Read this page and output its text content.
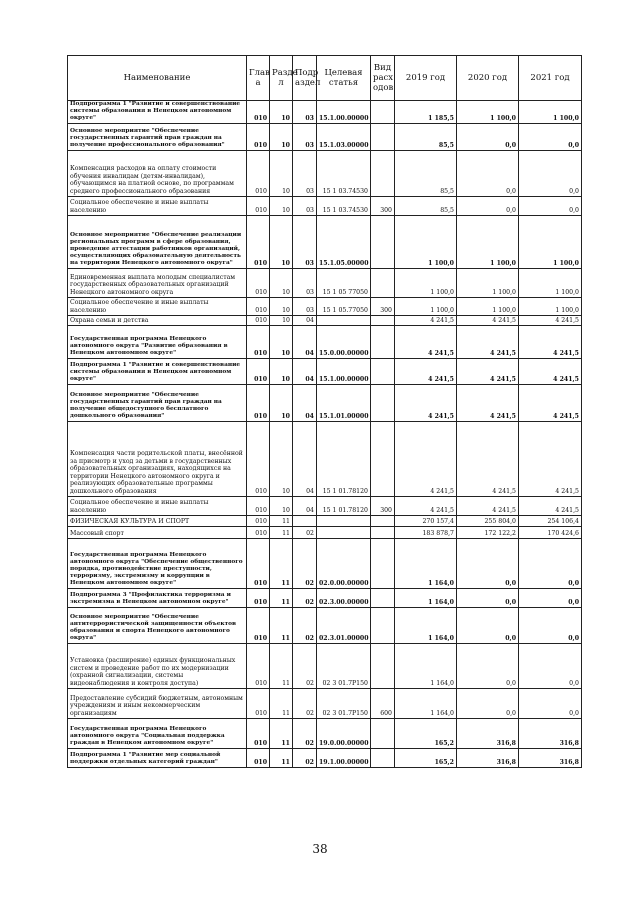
Наименование	Глав а	Разде л	Подр аздел	Целевая статья	Вид расх одов	2019 год	2020 год	2021 год
Подпрограмма 1 "Развитие и совершенствование системы образования в Ненецком автономном округе"	010	10	03	15.1.00.00000		1 185,5	1 100,0	1 100,0
Основное мероприятие "Обеспечение государственных гарантий прав граждан на получение профессионального образования"	010	10	03	15.1.03.00000		85,5	0,0	0,0
Компенсация расходов на оплату стоимости обучения инвалидам (детям-инвалидам), обучающимся на платной основе, по программам среднего профессионального образования	010	10	03	15 1 03.74530		85,5	0,0	0,0
Социальное обеспечение и иные выплаты населению	010	10	03	15 1 03.74530	300	85,5	0,0	0,0
Основное мероприятие "Обеспечение реализации региональных программ в сфере образования, проведение аттестации работников организаций, осуществляющих образовательную деятельность на территории Ненецкого автономного округа"	010	10	03	15.1.05.00000		1 100,0	1 100,0	1 100,0
Единовременная выплата молодым специалистам государственных образовательных организаций Ненецкого автономного округа	010	10	03	15 1 05 77050		1 100,0	1 100,0	1 100,0
Социальное обеспечение и иные выплаты населению	010	10	03	15 1 05.77050	300	1 100,0	1 100,0	1 100,0
Охрана семьи и детства	010	10	04			4 241,5	4 241,5	4 241,5
Государственная программа Ненецкого автономного округа "Развитие образования в Ненецком автономном округе"	010	10	04	15.0.00.00000		4 241,5	4 241,5	4 241,5
Подпрограмма 1 "Развитие и совершенствование системы образования в Ненецком автономном округе"	010	10	04	15.1.00.00000		4 241,5	4 241,5	4 241,5
Основное мероприятие "Обеспечение государственных гарантий прав граждан на получение общедоступного бесплатного дошкольного образования"	010	10	04	15.1.01.00000		4 241,5	4 241,5	4 241,5
Компенсация части родительской платы, внесённой за присмотр и уход за детьми в государственных образовательных организациях, находящихся на территории Ненецкого автономного округа и реализующих образовательные программы дошкольного образования	010	10	04	15 1 01.78120		4 241,5	4 241,5	4 241,5
Социальное обеспечение и иные выплаты населению	010	10	04	15 1 01.78120	300	4 241,5	4 241,5	4 241,5
ФИЗИЧЕСКАЯ КУЛЬТУРА И СПОРТ	010	11				270 157,4	255 804,0	254 106,4
Массовый спорт	010	11	02			183 878,7	172 122,2	170 424,6
Государственная программа Ненецкого автономного округа "Обеспечение общественного порядка, противодействие преступности, терроризму, экстремизму и коррупции в Ненецком автономном округе"	010	11	02	02.0.00.00000		1 164,0	0,0	0,0
Подпрограмма 3 "Профилактика терроризма и экстремизма в Ненецком автономном округе"	010	11	02	02.3.00.00000		1 164,0	0,0	0,0
Основное мероприятие "Обеспечение антитеррористической защищенности объектов образования и спорта Ненецкого автономного округа"	010	11	02	02.3.01.00000		1 164,0	0,0	0,0
Установка (расширение) единых функциональных систем и проведение работ по их модернизации (охранной сигнализации, системы видеонаблюдения и контроля доступа)	010	11	02	02 3 01.7Р150		1 164,0	0,0	0,0
Предоставление субсидий бюджетным, автономным учреждениям и иным некоммерческим организациям	010	11	02	02 3 01.7Р150	600	1 164,0	0,0	0,0
Государственная программа Ненецкого автономного округа "Социальная поддержка граждан в Ненецком автономном округе"	010	11	02	19.0.00.00000		165,2	316,8	316,8
Подпрограмма 1 "Развитие мер социальной поддержки отдельных категорий граждан"	010	11	02	19.1.00.00000		165,2	316,8	316,8
38
